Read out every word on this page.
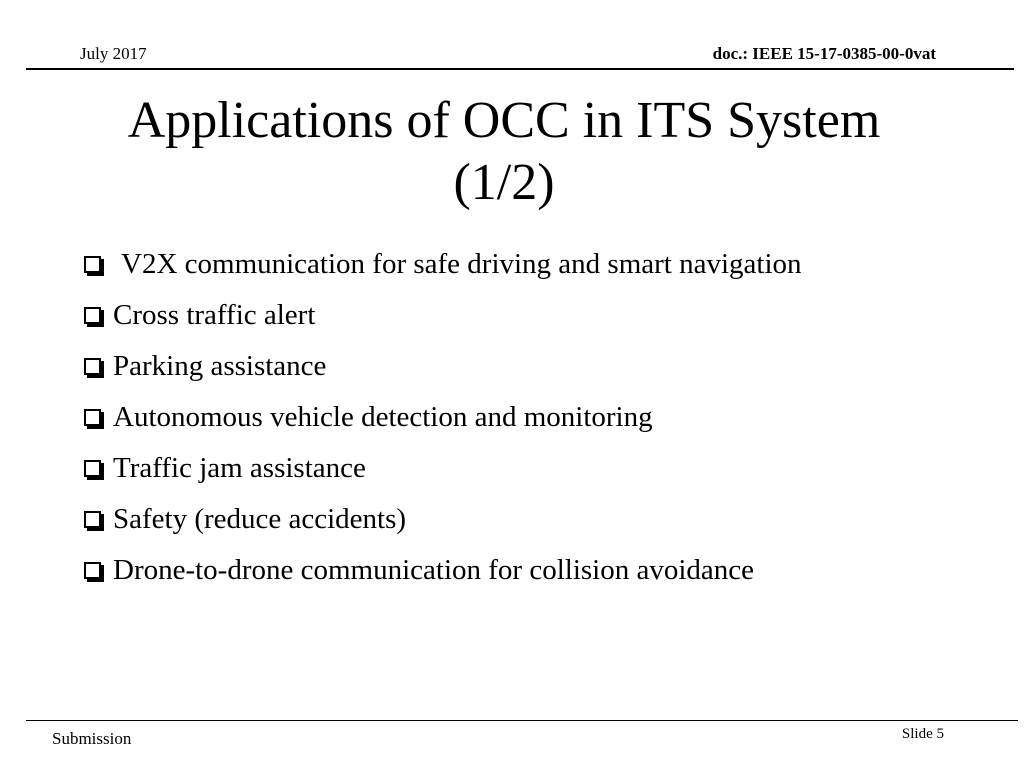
July 2017	doc.: IEEE 15-17-0385-00-0vat
Applications of OCC in ITS System
(1/2)
V2X communication for safe driving and smart navigation
Cross traffic alert
Parking assistance
Autonomous vehicle detection and monitoring
Traffic jam assistance
Safety (reduce accidents)
Drone-to-drone communication for collision avoidance
Submission	Slide 5
